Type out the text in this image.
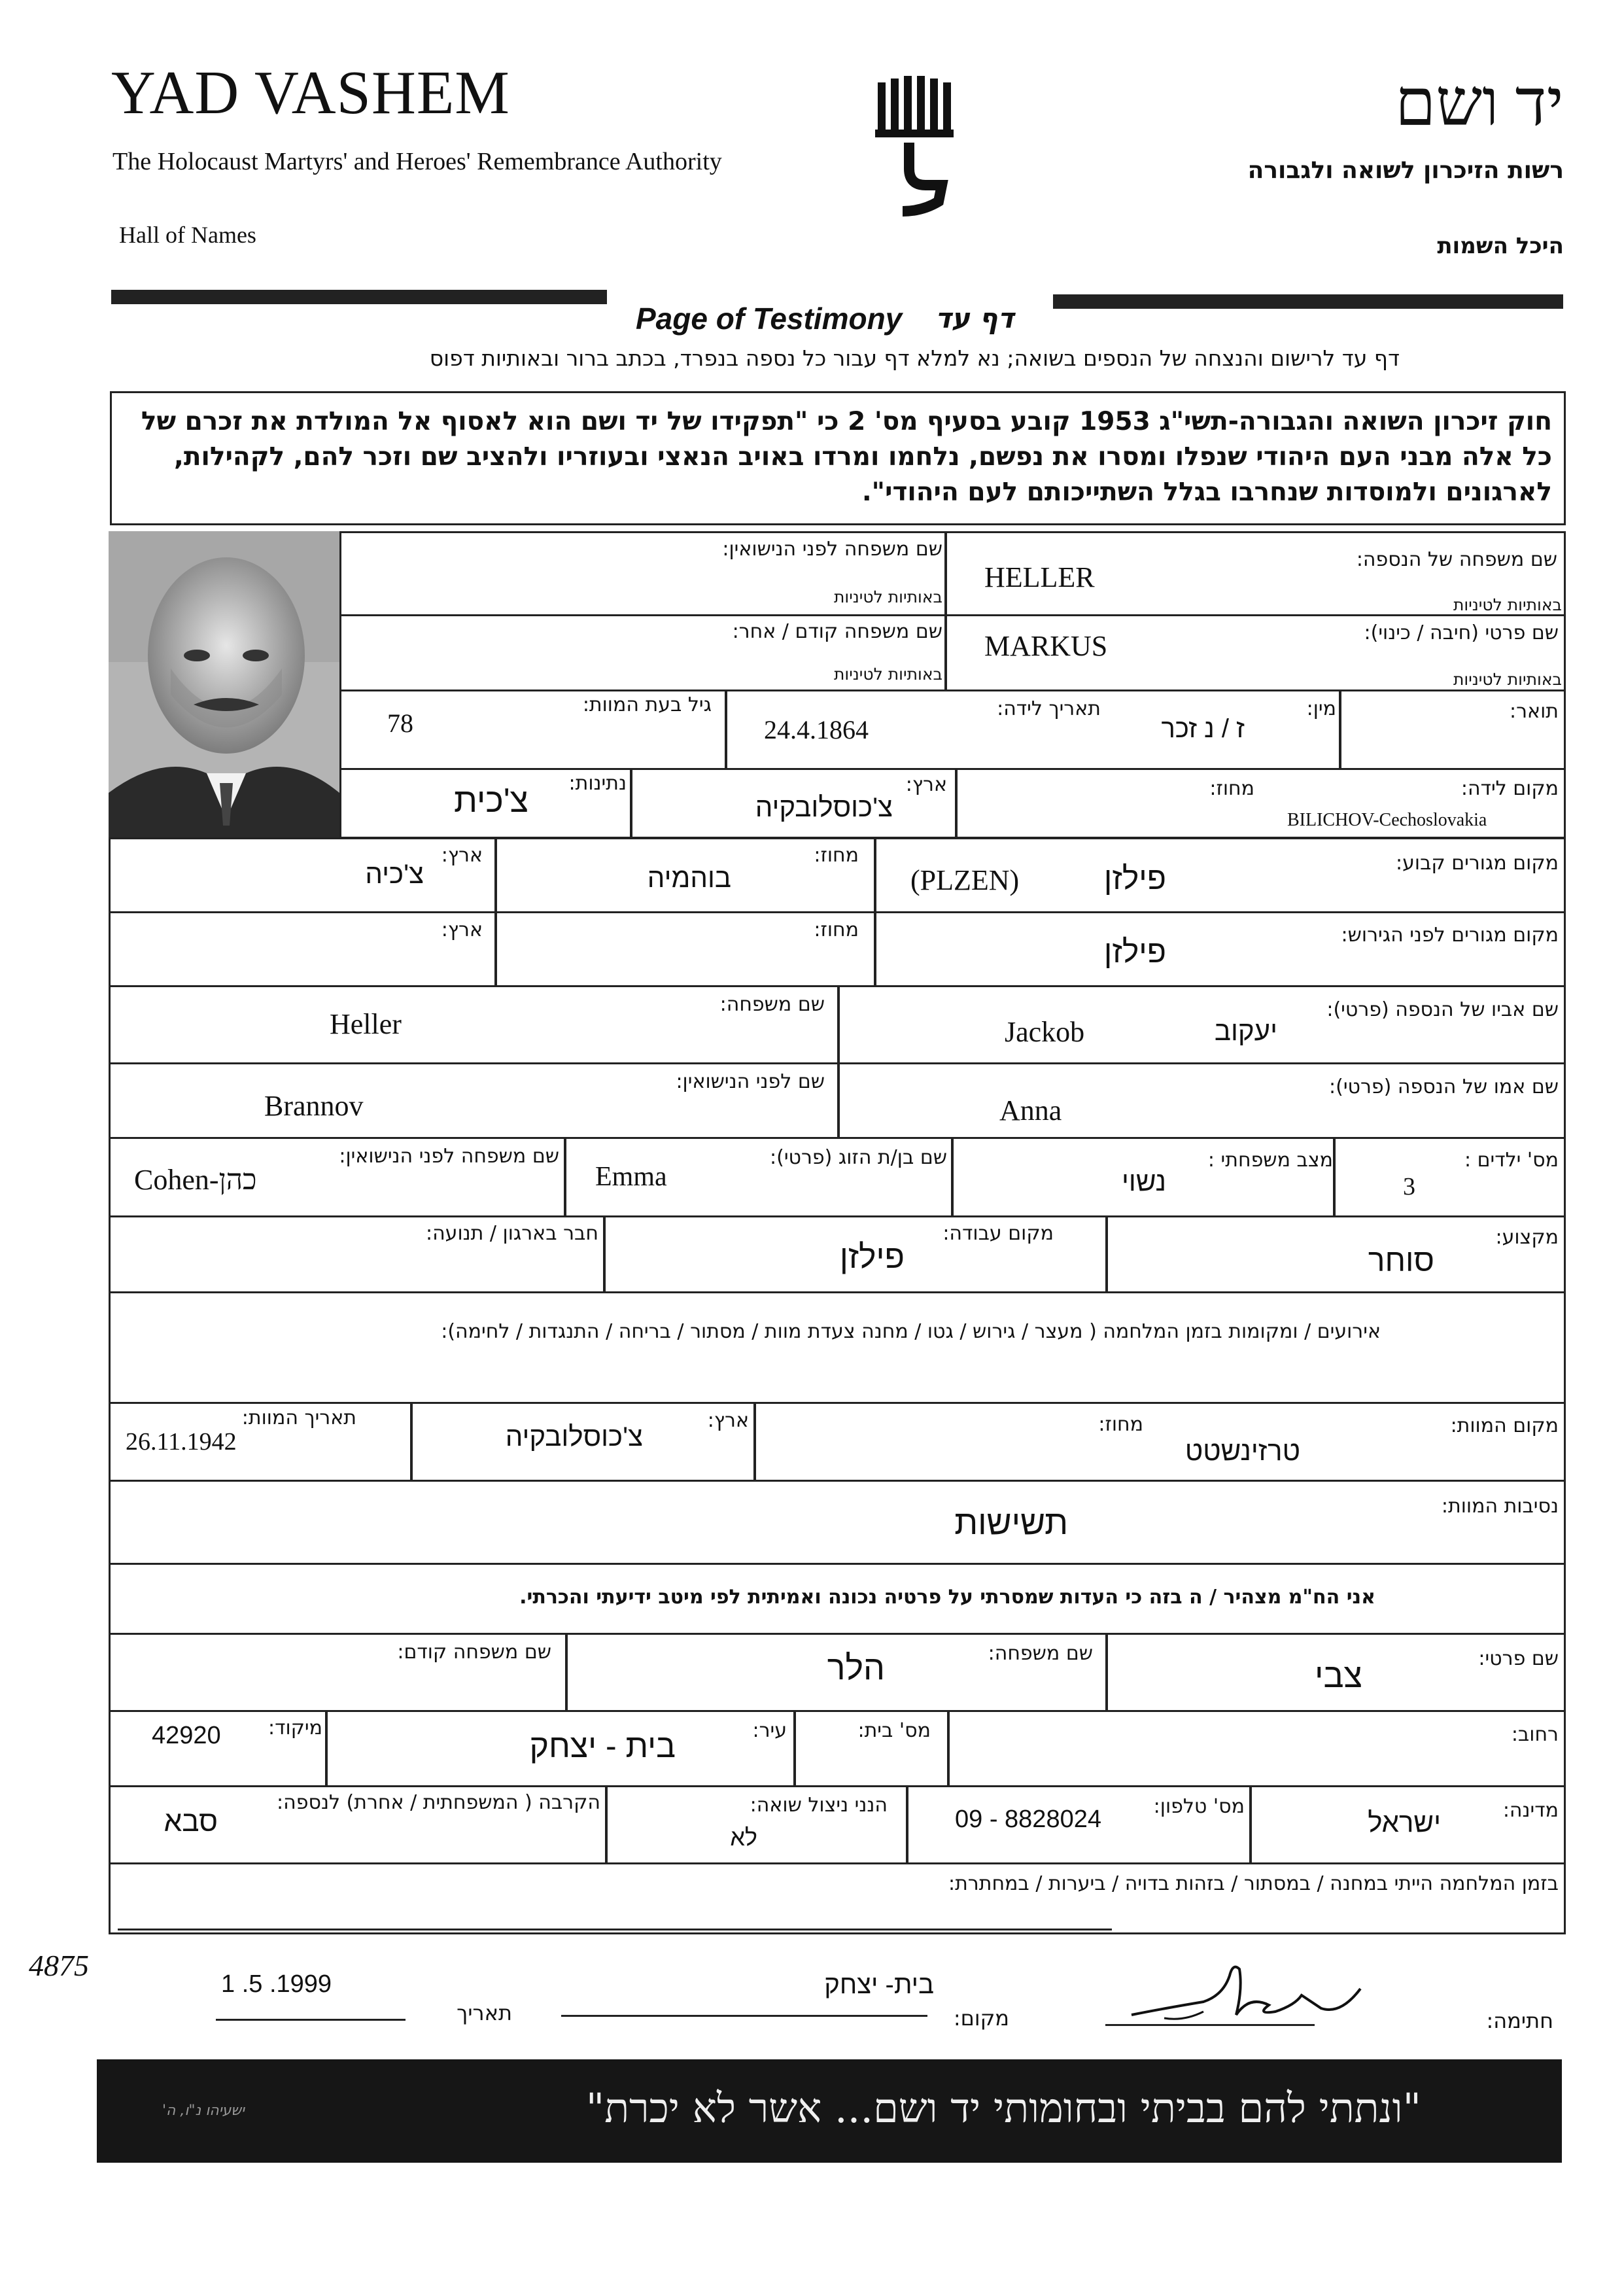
YAD VASHEM
The Holocaust Martyrs' and Heroes' Remembrance Authority
Hall of Names
יד ושם
רשות הזיכרון לשואה ולגבורה
היכל השמות
Page of Testimony דף עד
דף עד לרישום והנצחה של הנספים בשואה; נא למלא דף עבור כל נספה בנפרד, בכתב ברור ובאותיות דפוס
חוק זיכרון השואה והגבורה-תשי"ג 1953 קובע בסעיף מס' 2 כי "תפקידו של יד ושם הוא לאסוף אל המולדת את זכרם של
כל אלה מבני העם היהודי שנפלו ומסרו את נפשם, נלחמו ומרדו באויב הנאצי ובעוזריו ולהציב שם וזכר להם, לקהילות,
לארגונים ולמוסדות שנחרבו בגלל השתייכותם לעם היהודי".
שם משפחה של הנספה:
באותיות לטיניות
HELLER
שם משפחה לפני הנישואין:
באותיות לטיניות
שם פרטי (חיבה / כינוי):
באותיות לטיניות
MARKUS
שם משפחה קודם / אחר:
באותיות לטיניות
תואר:
מין:
ז / נ זכר
תאריך לידה:
24.4.1864
גיל בעת המוות:
78
מקום לידה:
BILICHOV-Cechoslovakia
מחוז:
ארץ:
צ'כוסלובקיה
נתינות:
צ'כית
מקום מגורים קבוע:
פילזן
(PLZEN)
מחוז:
בוהמיה
ארץ:
צ'כיה
מקום מגורים לפני הגירוש:
פילזן
מחוז:
ארץ:
שם אביו של הנספה (פרטי):
יעקוב
Jackob
שם משפחה:
Heller
שם אמו של הנספה (פרטי):
Anna
שם לפני הנישואין:
Brannov
מס' ילדים :
3
מצב משפחתי :
נשוי
שם בן/ת הזוג (פרטי):
Emma
שם משפחה לפני הנישואין:
Cohen-כהן
מקצוע:
סוחר
מקום עבודה:
פילזן
חבר בארגון / תנועה:
אירועים / ומקומות בזמן המלחמה ( מעצר / גירוש / גטו / מחנה צעדת מוות / מסתור / בריחה / התנגדות / לחימה):
מקום המוות:
טרזינשטט
מחוז:
ארץ:
צ'כוסלובקיה
תאריך המוות:
26.11.1942
נסיבות המוות:
תשישות
אני הח"מ מצהיר / ה בזה כי העדות שמסרתי על פרטיה נכונה ואמיתית לפי מיטב ידיעתי והכרתי.
שם פרטי:
צבי
שם משפחה:
הלר
שם משפחה קודם:
רחוב:
מס' בית:
עיר:
בית - יצחק
מיקוד:
42920
מדינה:
ישראל
מס' טלפון:
09 - 8828024
הנני ניצול שואה:
לא
הקרבה ( המשפחתית / אחרת) לנספה:
סבא
בזמן המלחמה הייתי במחנה / במסתור / בזהות בדויה / ביערות / במחתרת:
4875
חתימה:
מקום:
בית- יצחק
תאריך
1 .5 .1999
"ונתתי להם בביתי ובחומותי יד ושם... אשר לא יכרת"
ישעיהו נ"ו, ה'
